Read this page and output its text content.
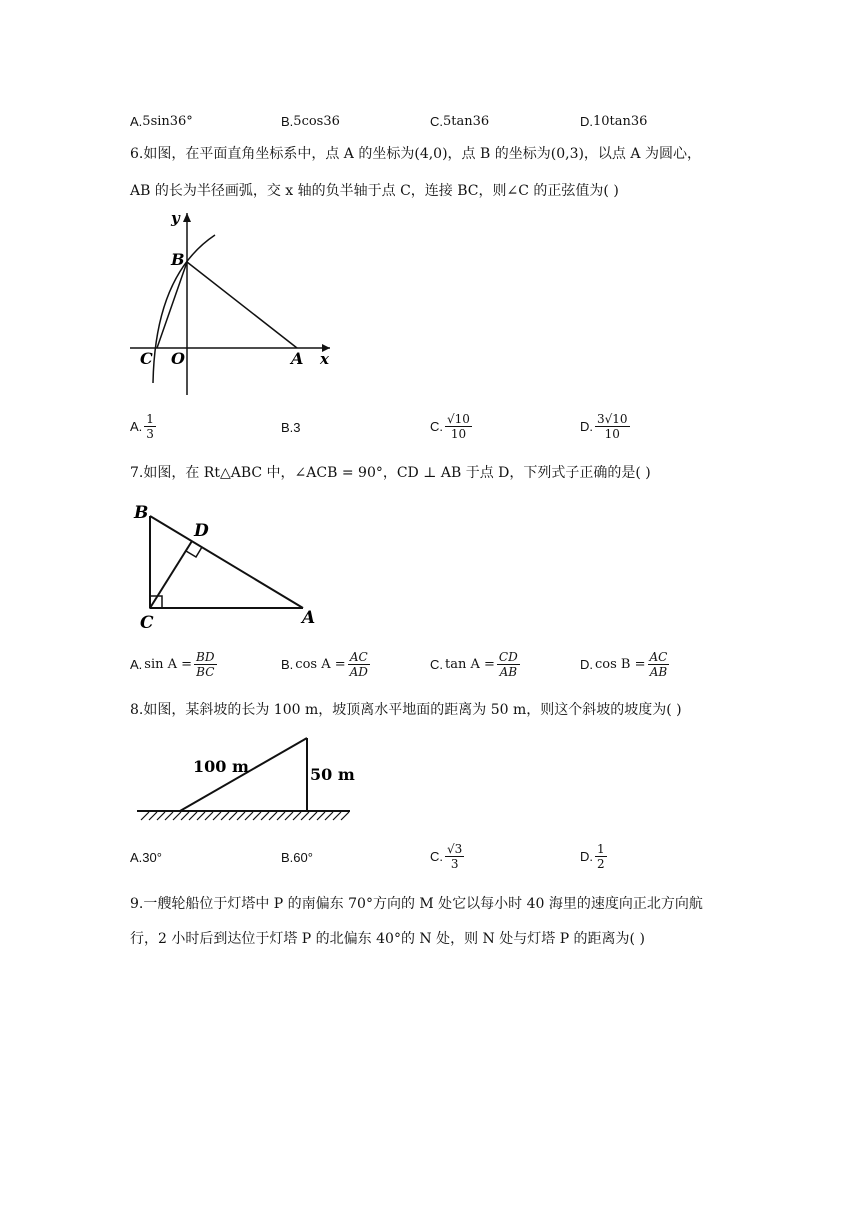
A. 5sin36°	B. 5cos36	C. 5tan36	D. 10tan36
6.如图，在平面直角坐标系中，点 A 的坐标为(4,0)，点 B 的坐标为(0,3)，以点 A 为圆心，
AB 的长为半径画弧，交 x 轴的负半轴于点 C，连接 BC，则∠C 的正弦值为( )
y
x
B
C O	A
A. $\frac{1}{3}$	B. 3	C. $\frac{√10}{10}$	D. $\frac{3√10}{10}$
7.如图，在 Rt△ABC 中，∠ACB = 90°，CD ⊥ AB 于点 D，下列式子正确的是( )
B
D
C	A
A. $\sin A = \frac{BD}{BC}$	B. $\cos A = \frac{AC}{AD}$	C. $\tan A = \frac{CD}{AB}$	D. $\cos B = \frac{AC}{AB}$
8.如图，某斜坡的长为 100 m，坡顶离水平地面的距离为 50 m，则这个斜坡的坡度为( )
100 m	50 m
A. 30°	B. 60°	C. $\frac{√3}{3}$	D. $\frac{1}{2}$
9.一艘轮船位于灯塔中 P 的南偏东 70°方向的 M 处它以每小时 40 海里的速度向正北方向航
行，2 小时后到达位于灯塔 P 的北偏东 40°的 N 处，则 N 处与灯塔 P 的距离为( )
